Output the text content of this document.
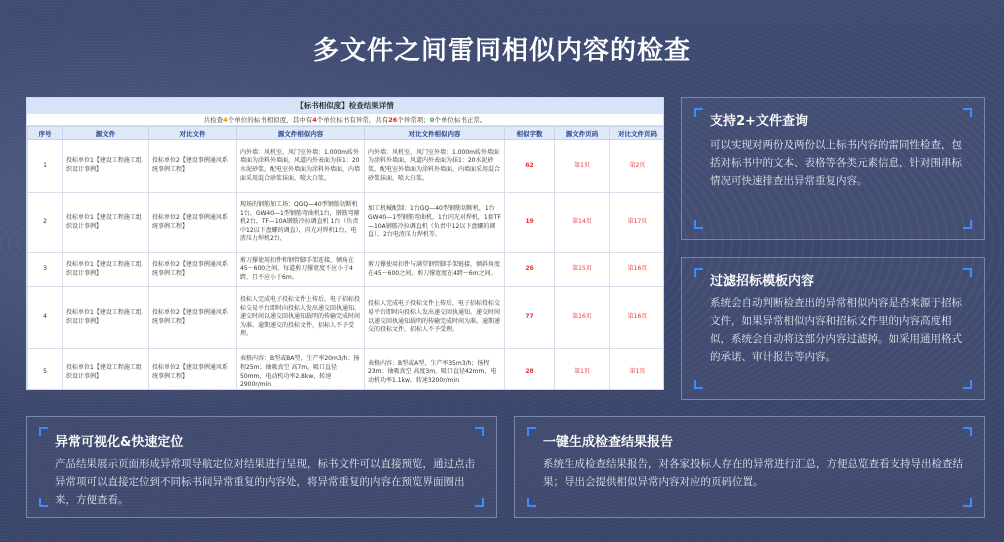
多文件之间雷同相似内容的检查
【标书相似度】检查结果详情
共检查4个单位的标书相似度，其中有4个单位标书有异常，共有26个异常项；0个单位标书正常。
序号	源文件	对比文件	源文件相似内容	对比文件相似内容	相似字数	源文件页码	对比文件页码
1	投标单位1【建设工程施工组织设计事例】	投标单位2【建设事例通风系统事例工程】	内外墙：风机室、风门室外墙：1.000m砖外墙面为涂料外墙面，风道内外表面为抹1：20水泥砂浆，配电室外墙面为涂料外墙面，内墙面采用混合砂浆抹面，喷大白浆。	内外墙：风机室、风门室外墙：1.000m砖外墙面为涂料外墙面，风道内外表面为抹1：20水泥砂浆，配电室外墙面为涂料外墙面，内墙面采用混合砂浆抹面，喷大白浆。	62	第1页	第2页
2	投标单位1【建设工程施工组织设计事例】	投标单位2【建设事例通风系统事例工程】	现场的钢筋加工场：QGQ—40型钢筋切断机1台，GW40—1型钢筋弯曲机1台，钢筋弯箍机2台，TF—10A钢筋冷拉调直机 1台（负责中12以下盘螺的调直），闪光对焊机1台，电渣压力焊机2台。	加工机械配制：1台GQ—40型钢筋切断机，1台GW40—1型钢筋弯曲机，1台闪光对焊机，1套TF—10A钢筋冷拉调直机（负责中12以下盘螺的调直），2台电渣压力焊机等。	19	第14页	第17页
3	投标单位1【建设工程施工组织设计事例】	投标单位2【建设事例通风系统事例工程】	剪刀撑使用扣件和钢管脚手架连接，倾角在45～600之间，每道剪刀撑宽度不应小于4跨，且不应小于6m。	剪刀撑使用扣件与满堂钢管脚手架链接，倾斜角度在45～600之间，剪刀撑宽度在4跨～6m之间。	26	第15页	第16页
4	投标单位1【建设工程施工组织设计事例】	投标单位2【建设事例通风系统事例工程】	投标人完成电子投标文件上传后，电子招标投标交易平台即时向投标人发出递交回执通知。递交时间以递交回执通知载明的传输完成时间为准。逾期递交的投标文件，招标人不予受理。	投标人完成电子投标文件上传后，电子招标投标交易平台即时向投标人发出递交回执通知。递交时间以递交回执通知载明的传输完成时间为准。逾期递交的投标文件，招标人不予受理。	77	第16页	第16页
5	投标单位1【建设工程施工组织设计事例】	投标单位2【建设事例通风系统事例工程】	表格内容：B型或BA型，生产率20m3/h；扬程25m；抽吸真空 高7m，吸口直径50mm，电动机功率2.8kw，转速2900r/min	表格内容：B型或A型，生产率35m3/h；扬程23m；抽吸真空 高度3m，吸口直径42mm，电动机功率1.1kw，转速3200r/min	28	第1页	第1页
支持2+文件查询

可以实现对两份及两份以上标书内容的雷同性检查，包括对标书中的文本、表格等各类元素信息，针对围串标情况可快速排查出异常重复内容。

过滤招标模板内容

系统会自动判断检查出的异常相似内容是否来源于招标文件，如果异常相似内容和招标文件里的内容高度相似，系统会自动将这部分内容过滤掉。如采用通用格式的承诺、审计报告等内容。

异常可视化&快速定位

产品结果展示页面形成异常项导航定位对结果进行呈现，标书文件可以直接预览，通过点击异常项可以直接定位到不同标书间异常重复的内容处，将异常重复的内容在预览界面圈出来，方便查看。

一键生成检查结果报告

系统生成检查结果报告，对各家投标人存在的异常进行汇总，方便总览查看支持导出检查结果；导出会提供相似异常内容对应的页码位置。
